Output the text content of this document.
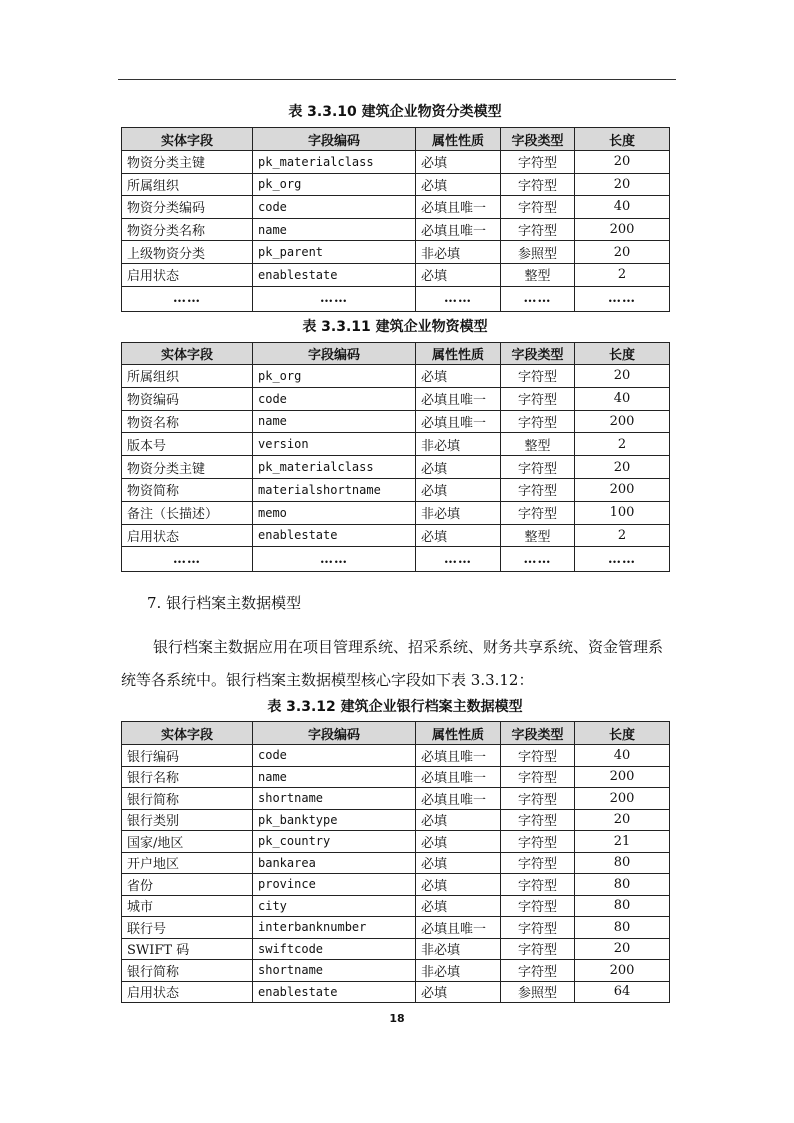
表 3.3.10 建筑企业物资分类模型
实体字段	字段编码	属性性质	字段类型	长度
物资分类主键	pk_materialclass	必填	字符型	20
所属组织	pk_org	必填	字符型	20
物资分类编码	code	必填且唯一	字符型	40
物资分类名称	name	必填且唯一	字符型	200
上级物资分类	pk_parent	非必填	参照型	20
启用状态	enablestate	必填	整型	2
……	……	……	……	……
表 3.3.11 建筑企业物资模型
实体字段	字段编码	属性性质	字段类型	长度
所属组织	pk_org	必填	字符型	20
物资编码	code	必填且唯一	字符型	40
物资名称	name	必填且唯一	字符型	200
版本号	version	非必填	整型	2
物资分类主键	pk_materialclass	必填	字符型	20
物资简称	materialshortname	必填	字符型	200
备注（长描述）	memo	非必填	字符型	100
启用状态	enablestate	必填	整型	2
……	……	……	……	……
7. 银行档案主数据模型
银行档案主数据应用在项目管理系统、招采系统、财务共享系统、资金管理系统等各系统中。银行档案主数据模型核心字段如下表 3.3.12：
表 3.3.12 建筑企业银行档案主数据模型
实体字段	字段编码	属性性质	字段类型	长度
银行编码	code	必填且唯一	字符型	40
银行名称	name	必填且唯一	字符型	200
银行简称	shortname	必填且唯一	字符型	200
银行类别	pk_banktype	必填	字符型	20
国家/地区	pk_country	必填	字符型	21
开户地区	bankarea	必填	字符型	80
省份	province	必填	字符型	80
城市	city	必填	字符型	80
联行号	interbanknumber	必填且唯一	字符型	80
SWIFT 码	swiftcode	非必填	字符型	20
银行简称	shortname	非必填	字符型	200
启用状态	enablestate	必填	参照型	64
18
